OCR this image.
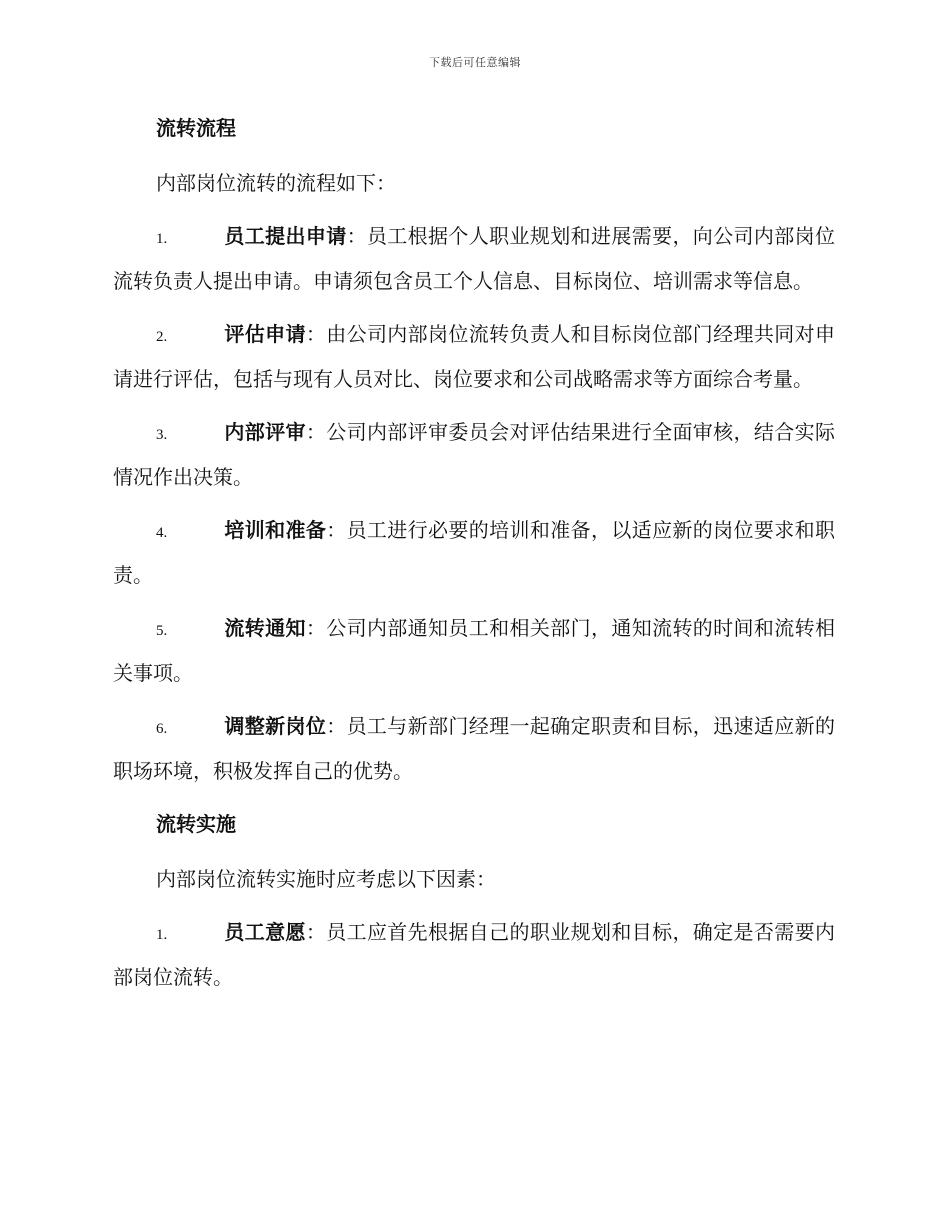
下载后可任意编辑
流转流程
内部岗位流转的流程如下：
1.	员工提出申请：员工根据个人职业规划和进展需要，向公司内部岗位流转负责人提出申请。申请须包含员工个人信息、目标岗位、培训需求等信息。
2.	评估申请：由公司内部岗位流转负责人和目标岗位部门经理共同对申请进行评估，包括与现有人员对比、岗位要求和公司战略需求等方面综合考量。
3.	内部评审：公司内部评审委员会对评估结果进行全面审核，结合实际情况作出决策。
4.	培训和准备：员工进行必要的培训和准备，以适应新的岗位要求和职责。
5.	流转通知：公司内部通知员工和相关部门，通知流转的时间和流转相关事项。
6.	调整新岗位：员工与新部门经理一起确定职责和目标，迅速适应新的职场环境，积极发挥自己的优势。
流转实施
内部岗位流转实施时应考虑以下因素：
1.	员工意愿：员工应首先根据自己的职业规划和目标，确定是否需要内部岗位流转。
